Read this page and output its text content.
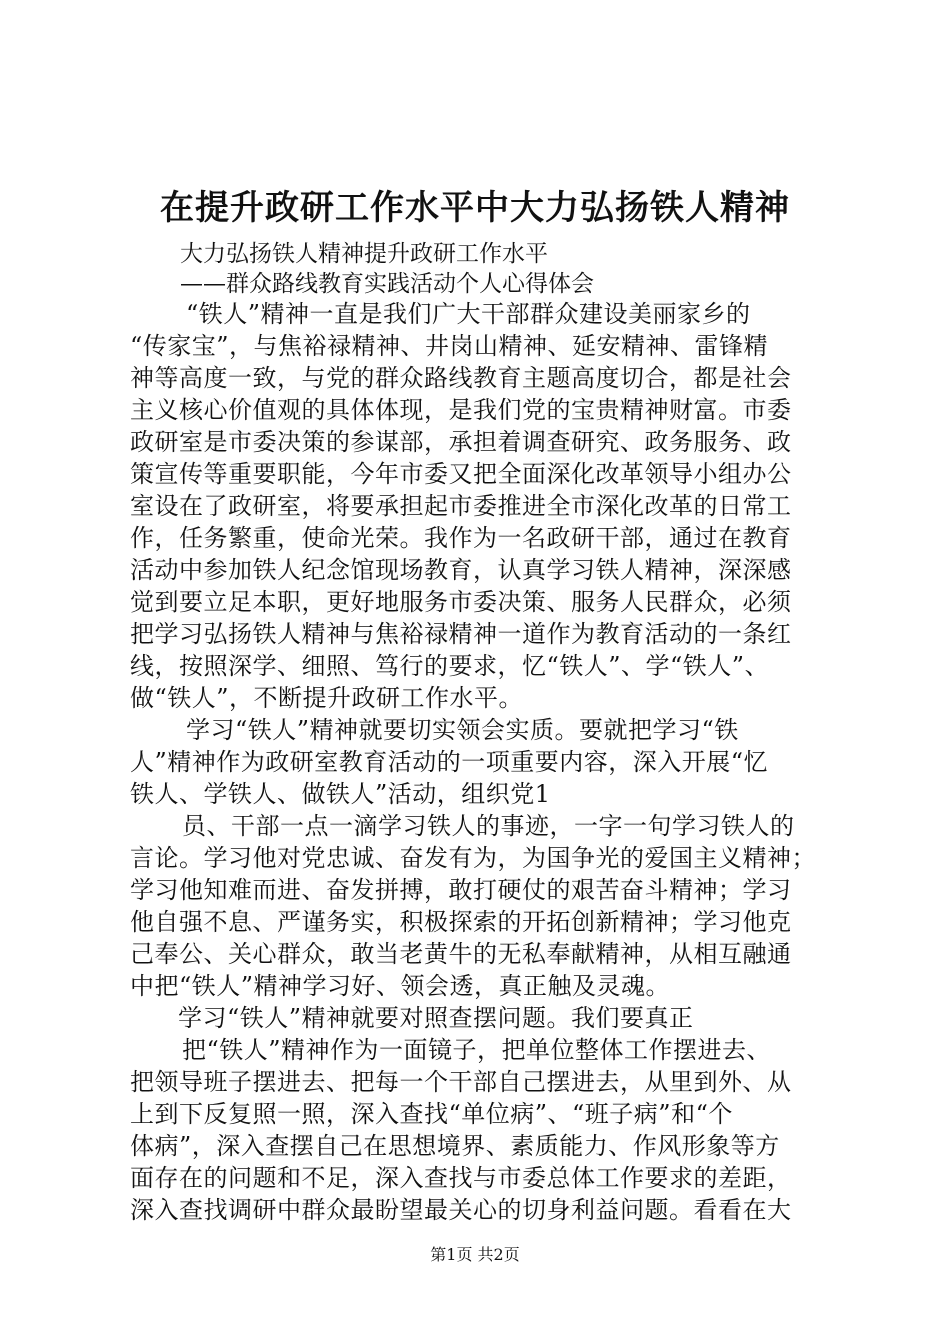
在提升政研工作水平中大力弘扬铁人精神
大力弘扬铁人精神提升政研工作水平
——群众路线教育实践活动个人心得体会
“铁人”精神一直是我们广大干部群众建设美丽家乡的
“传家宝”，与焦裕禄精神、井岗山精神、延安精神、雷锋精
神等高度一致，与党的群众路线教育主题高度切合，都是社会
主义核心价值观的具体体现，是我们党的宝贵精神财富。市委
政研室是市委决策的参谋部，承担着调查研究、政务服务、政
策宣传等重要职能，今年市委又把全面深化改革领导小组办公
室设在了政研室，将要承担起市委推进全市深化改革的日常工
作，任务繁重，使命光荣。我作为一名政研干部，通过在教育
活动中参加铁人纪念馆现场教育，认真学习铁人精神，深深感
觉到要立足本职，更好地服务市委决策、服务人民群众，必须
把学习弘扬铁人精神与焦裕禄精神一道作为教育活动的一条红
线，按照深学、细照、笃行的要求，忆“铁人”、学“铁人”、
做“铁人”，不断提升政研工作水平。
学习“铁人”精神就要切实领会实质。要就把学习“铁
人”精神作为政研室教育活动的一项重要内容，深入开展“忆
铁人、学铁人、做铁人”活动，组织党1
员、干部一点一滴学习铁人的事迹，一字一句学习铁人的
言论。学习他对党忠诚、奋发有为，为国争光的爱国主义精神；
学习他知难而进、奋发拼搏，敢打硬仗的艰苦奋斗精神；学习
他自强不息、严谨务实，积极探索的开拓创新精神；学习他克
己奉公、关心群众，敢当老黄牛的无私奉献精神，从相互融通
中把“铁人”精神学习好、领会透，真正触及灵魂。
学习“铁人”精神就要对照查摆问题。我们要真正
把“铁人”精神作为一面镜子，把单位整体工作摆进去、
把领导班子摆进去、把每一个干部自己摆进去，从里到外、从
上到下反复照一照，深入查找“单位病”、“班子病”和“个
体病”，深入查摆自己在思想境界、素质能力、作风形象等方
面存在的问题和不足，深入查找与市委总体工作要求的差距，
深入查找调研中群众最盼望最关心的切身利益问题。看看在大
第1页 共2页
